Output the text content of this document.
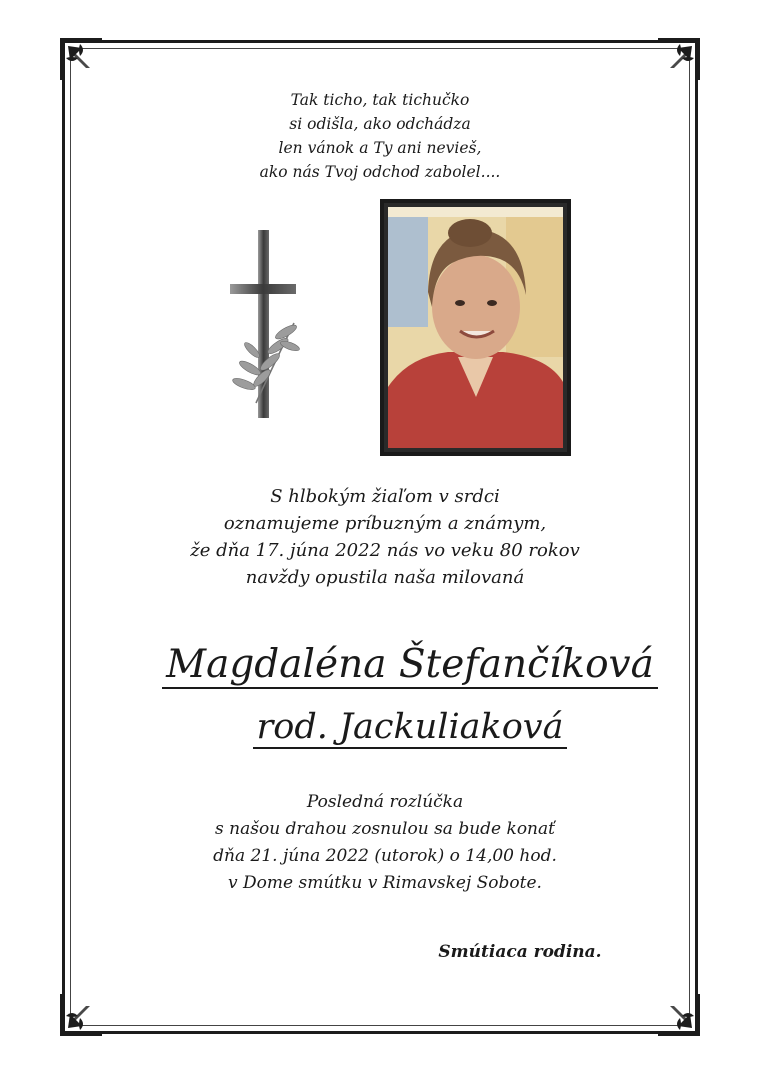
Tak ticho, tak tichučko
si odišla, ako odchádza
len vánok a Ty ani nevieš,
ako nás Tvoj odchod zabolel....
S hlbokým žiaľom v srdci
oznamujeme príbuzným a známym,
že dňa 17. júna 2022 nás vo veku 80 rokov
navždy opustila naša milovaná
Magdaléna Štefančíková
rod. Jackuliaková
Posledná rozlúčka
s našou drahou zosnulou sa bude konať
dňa 21. júna 2022 (utorok) o 14,00 hod.
v Dome smútku v Rimavskej Sobote.
Smútiaca rodina.
